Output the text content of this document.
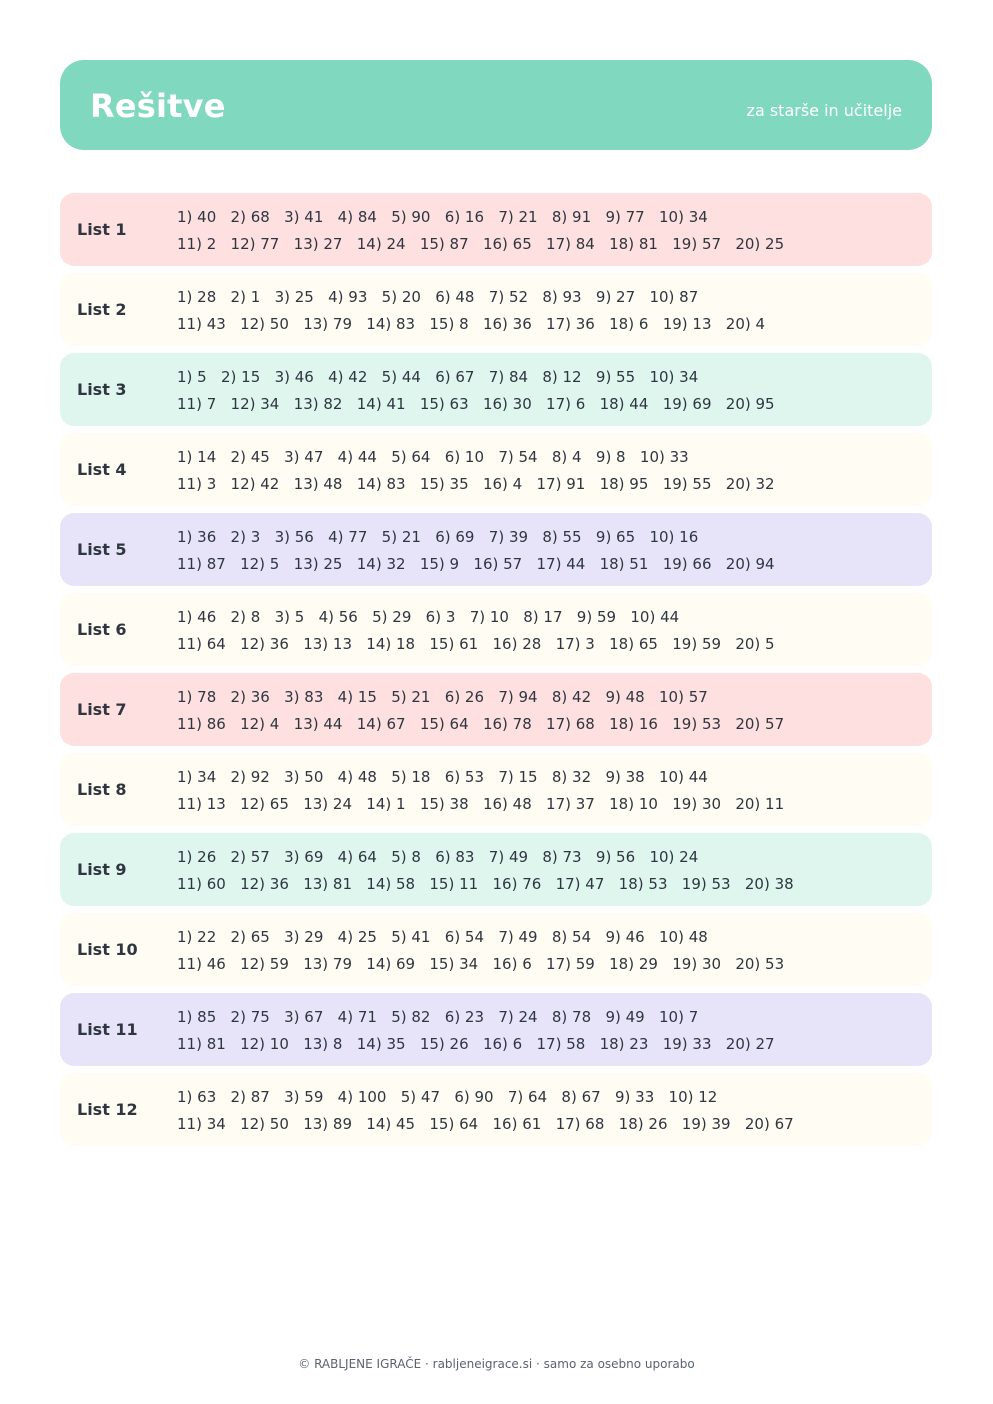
Rešitve	za starše in učitelje
List 1
1) 40   2) 68   3) 41   4) 84   5) 90   6) 16   7) 21   8) 91   9) 77   10) 34
11) 2   12) 77   13) 27   14) 24   15) 87   16) 65   17) 84   18) 81   19) 57   20) 25
List 2
1) 28   2) 1   3) 25   4) 93   5) 20   6) 48   7) 52   8) 93   9) 27   10) 87
11) 43   12) 50   13) 79   14) 83   15) 8   16) 36   17) 36   18) 6   19) 13   20) 4
List 3
1) 5   2) 15   3) 46   4) 42   5) 44   6) 67   7) 84   8) 12   9) 55   10) 34
11) 7   12) 34   13) 82   14) 41   15) 63   16) 30   17) 6   18) 44   19) 69   20) 95
List 4
1) 14   2) 45   3) 47   4) 44   5) 64   6) 10   7) 54   8) 4   9) 8   10) 33
11) 3   12) 42   13) 48   14) 83   15) 35   16) 4   17) 91   18) 95   19) 55   20) 32
List 5
1) 36   2) 3   3) 56   4) 77   5) 21   6) 69   7) 39   8) 55   9) 65   10) 16
11) 87   12) 5   13) 25   14) 32   15) 9   16) 57   17) 44   18) 51   19) 66   20) 94
List 6
1) 46   2) 8   3) 5   4) 56   5) 29   6) 3   7) 10   8) 17   9) 59   10) 44
11) 64   12) 36   13) 13   14) 18   15) 61   16) 28   17) 3   18) 65   19) 59   20) 5
List 7
1) 78   2) 36   3) 83   4) 15   5) 21   6) 26   7) 94   8) 42   9) 48   10) 57
11) 86   12) 4   13) 44   14) 67   15) 64   16) 78   17) 68   18) 16   19) 53   20) 57
List 8
1) 34   2) 92   3) 50   4) 48   5) 18   6) 53   7) 15   8) 32   9) 38   10) 44
11) 13   12) 65   13) 24   14) 1   15) 38   16) 48   17) 37   18) 10   19) 30   20) 11
List 9
1) 26   2) 57   3) 69   4) 64   5) 8   6) 83   7) 49   8) 73   9) 56   10) 24
11) 60   12) 36   13) 81   14) 58   15) 11   16) 76   17) 47   18) 53   19) 53   20) 38
List 10
1) 22   2) 65   3) 29   4) 25   5) 41   6) 54   7) 49   8) 54   9) 46   10) 48
11) 46   12) 59   13) 79   14) 69   15) 34   16) 6   17) 59   18) 29   19) 30   20) 53
List 11
1) 85   2) 75   3) 67   4) 71   5) 82   6) 23   7) 24   8) 78   9) 49   10) 7
11) 81   12) 10   13) 8   14) 35   15) 26   16) 6   17) 58   18) 23   19) 33   20) 27
List 12
1) 63   2) 87   3) 59   4) 100   5) 47   6) 90   7) 64   8) 67   9) 33   10) 12
11) 34   12) 50   13) 89   14) 45   15) 64   16) 61   17) 68   18) 26   19) 39   20) 67
© RABLJENE IGRAČE · rabljeneigrace.si · samo za osebno uporabo
